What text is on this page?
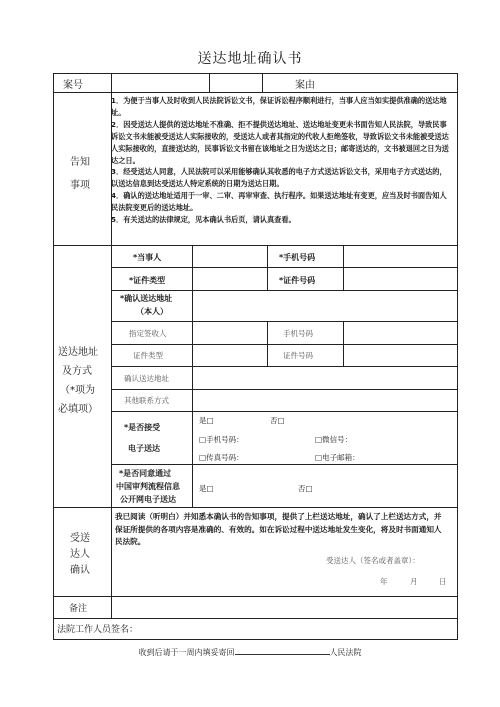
送达地址确认书
案号	案由
告知
事项

1．为便于当事人及时收到人民法院诉讼文书，保证诉讼程序顺利进行，当事人应当如实提供准确的送达地址。

2．因受送达人提供的送达地址不准确、拒不提供送达地址、送达地址变更未书面告知人民法院，导致民事诉讼文书未能被受送达人实际接收的，受送达人或者其指定的代收人拒绝签收，导致诉讼文书未能被受送达人实际接收的，直接送达的，民事诉讼文书留在该地址之日为送达之日；邮寄送达的，文书被退回之日为送达之日。

3．经受送达人同意，人民法院可以采用能够确认其收悉的电子方式送达诉讼文书，采用电子方式送达的，以送达信息到达受送达人特定系统的日期为送达日期。

4．确认的送达地址适用于一审、二审、再审审查、执行程序。如果送达地址有变更，应当及时书面告知人民法院变更后的送达地址。

5．有关送达的法律规定，见本确认书后页，请认真查看。

送达地址
及方式
（*项为
必填项）
*当事人	*手机号码
*证件类型	*证件号码
*确认送达地址
（本人）
指定签收人	手机号码
证件类型	证件号码
确认送达地址
其他联系方式
*是否接受
电子送达
是□	否□
□手机号码：	□微信号：
□传真号码：	□电子邮箱：
*是否同意通过
中国审判流程信息
公开网电子送达
是□	否□
受送
达人
确认
我已阅读（听明白）并知悉本确认书的告知事项，提供了上栏送达地址，确认了上栏送达方式，并保证所提供的各项内容是准确的、有效的。如在诉讼过程中送达地址发生变化，将及时书面通知人民法院。
受送达人（签名或者盖章）：
年	月	日
备注
法院工作人员签名：
收到后请于一周内填妥寄回	人民法院
